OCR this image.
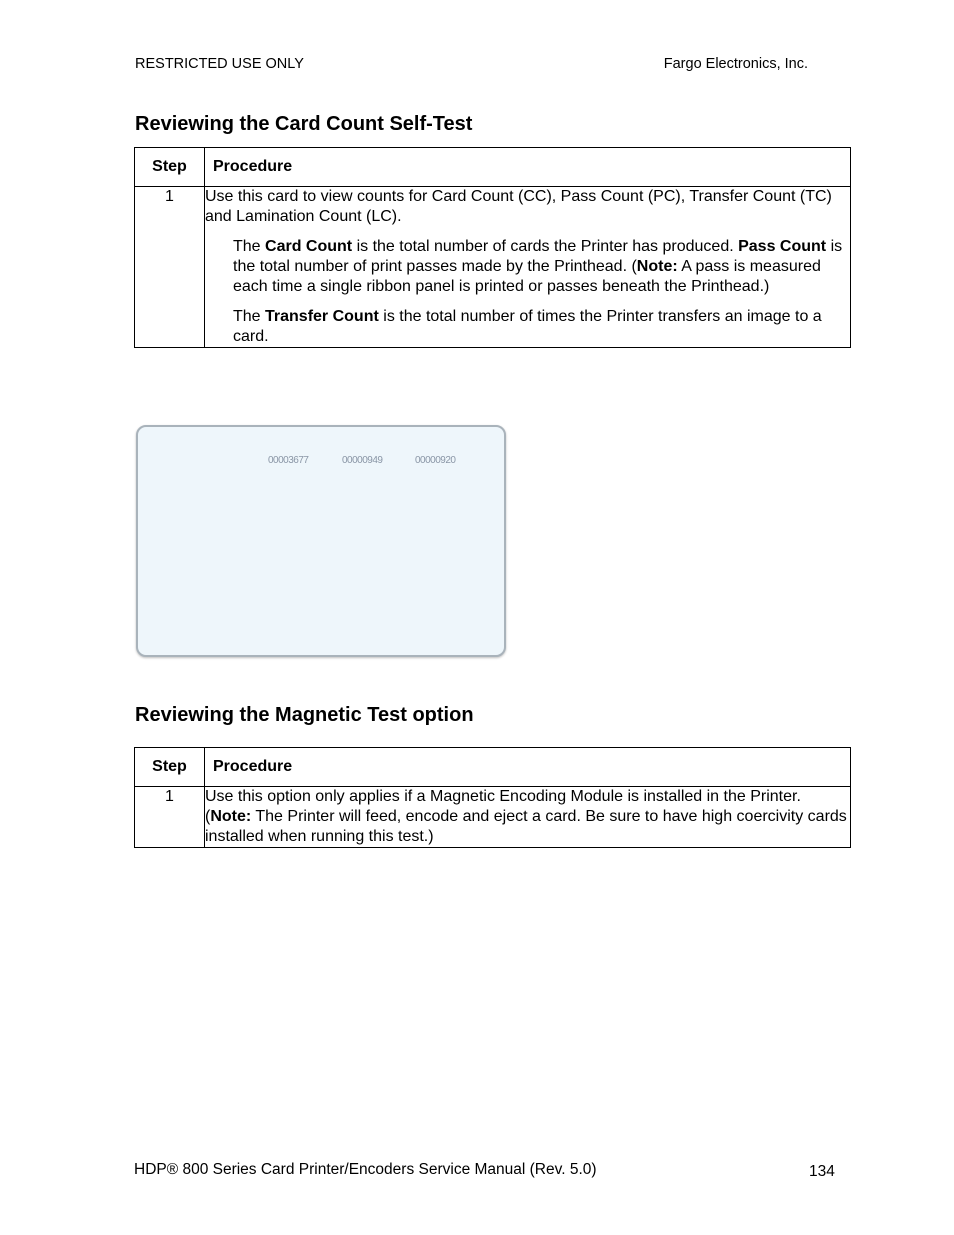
RESTRICTED USE ONLY	Fargo Electronics, Inc.
Reviewing the Card Count Self-Test
Step	Procedure
1	Use this card to view counts for Card Count (CC), Pass Count (PC), Transfer Count (TC) and Lamination Count (LC).

The Card Count is the total number of cards the Printer has produced. Pass Count is the total number of print passes made by the Printhead. (Note: A pass is measured each time a single ribbon panel is printed or passes beneath the Printhead.)

The Transfer Count is the total number of times the Printer transfers an image to a card.

00003677	00000949	00000920
Reviewing the Magnetic Test option
Step	Procedure
1	Use this option only applies if a Magnetic Encoding Module is installed in the Printer. (Note: The Printer will feed, encode and eject a card. Be sure to have high coercivity cards installed when running this test.)

HDP® 800 Series Card Printer/Encoders Service Manual (Rev. 5.0)	134
